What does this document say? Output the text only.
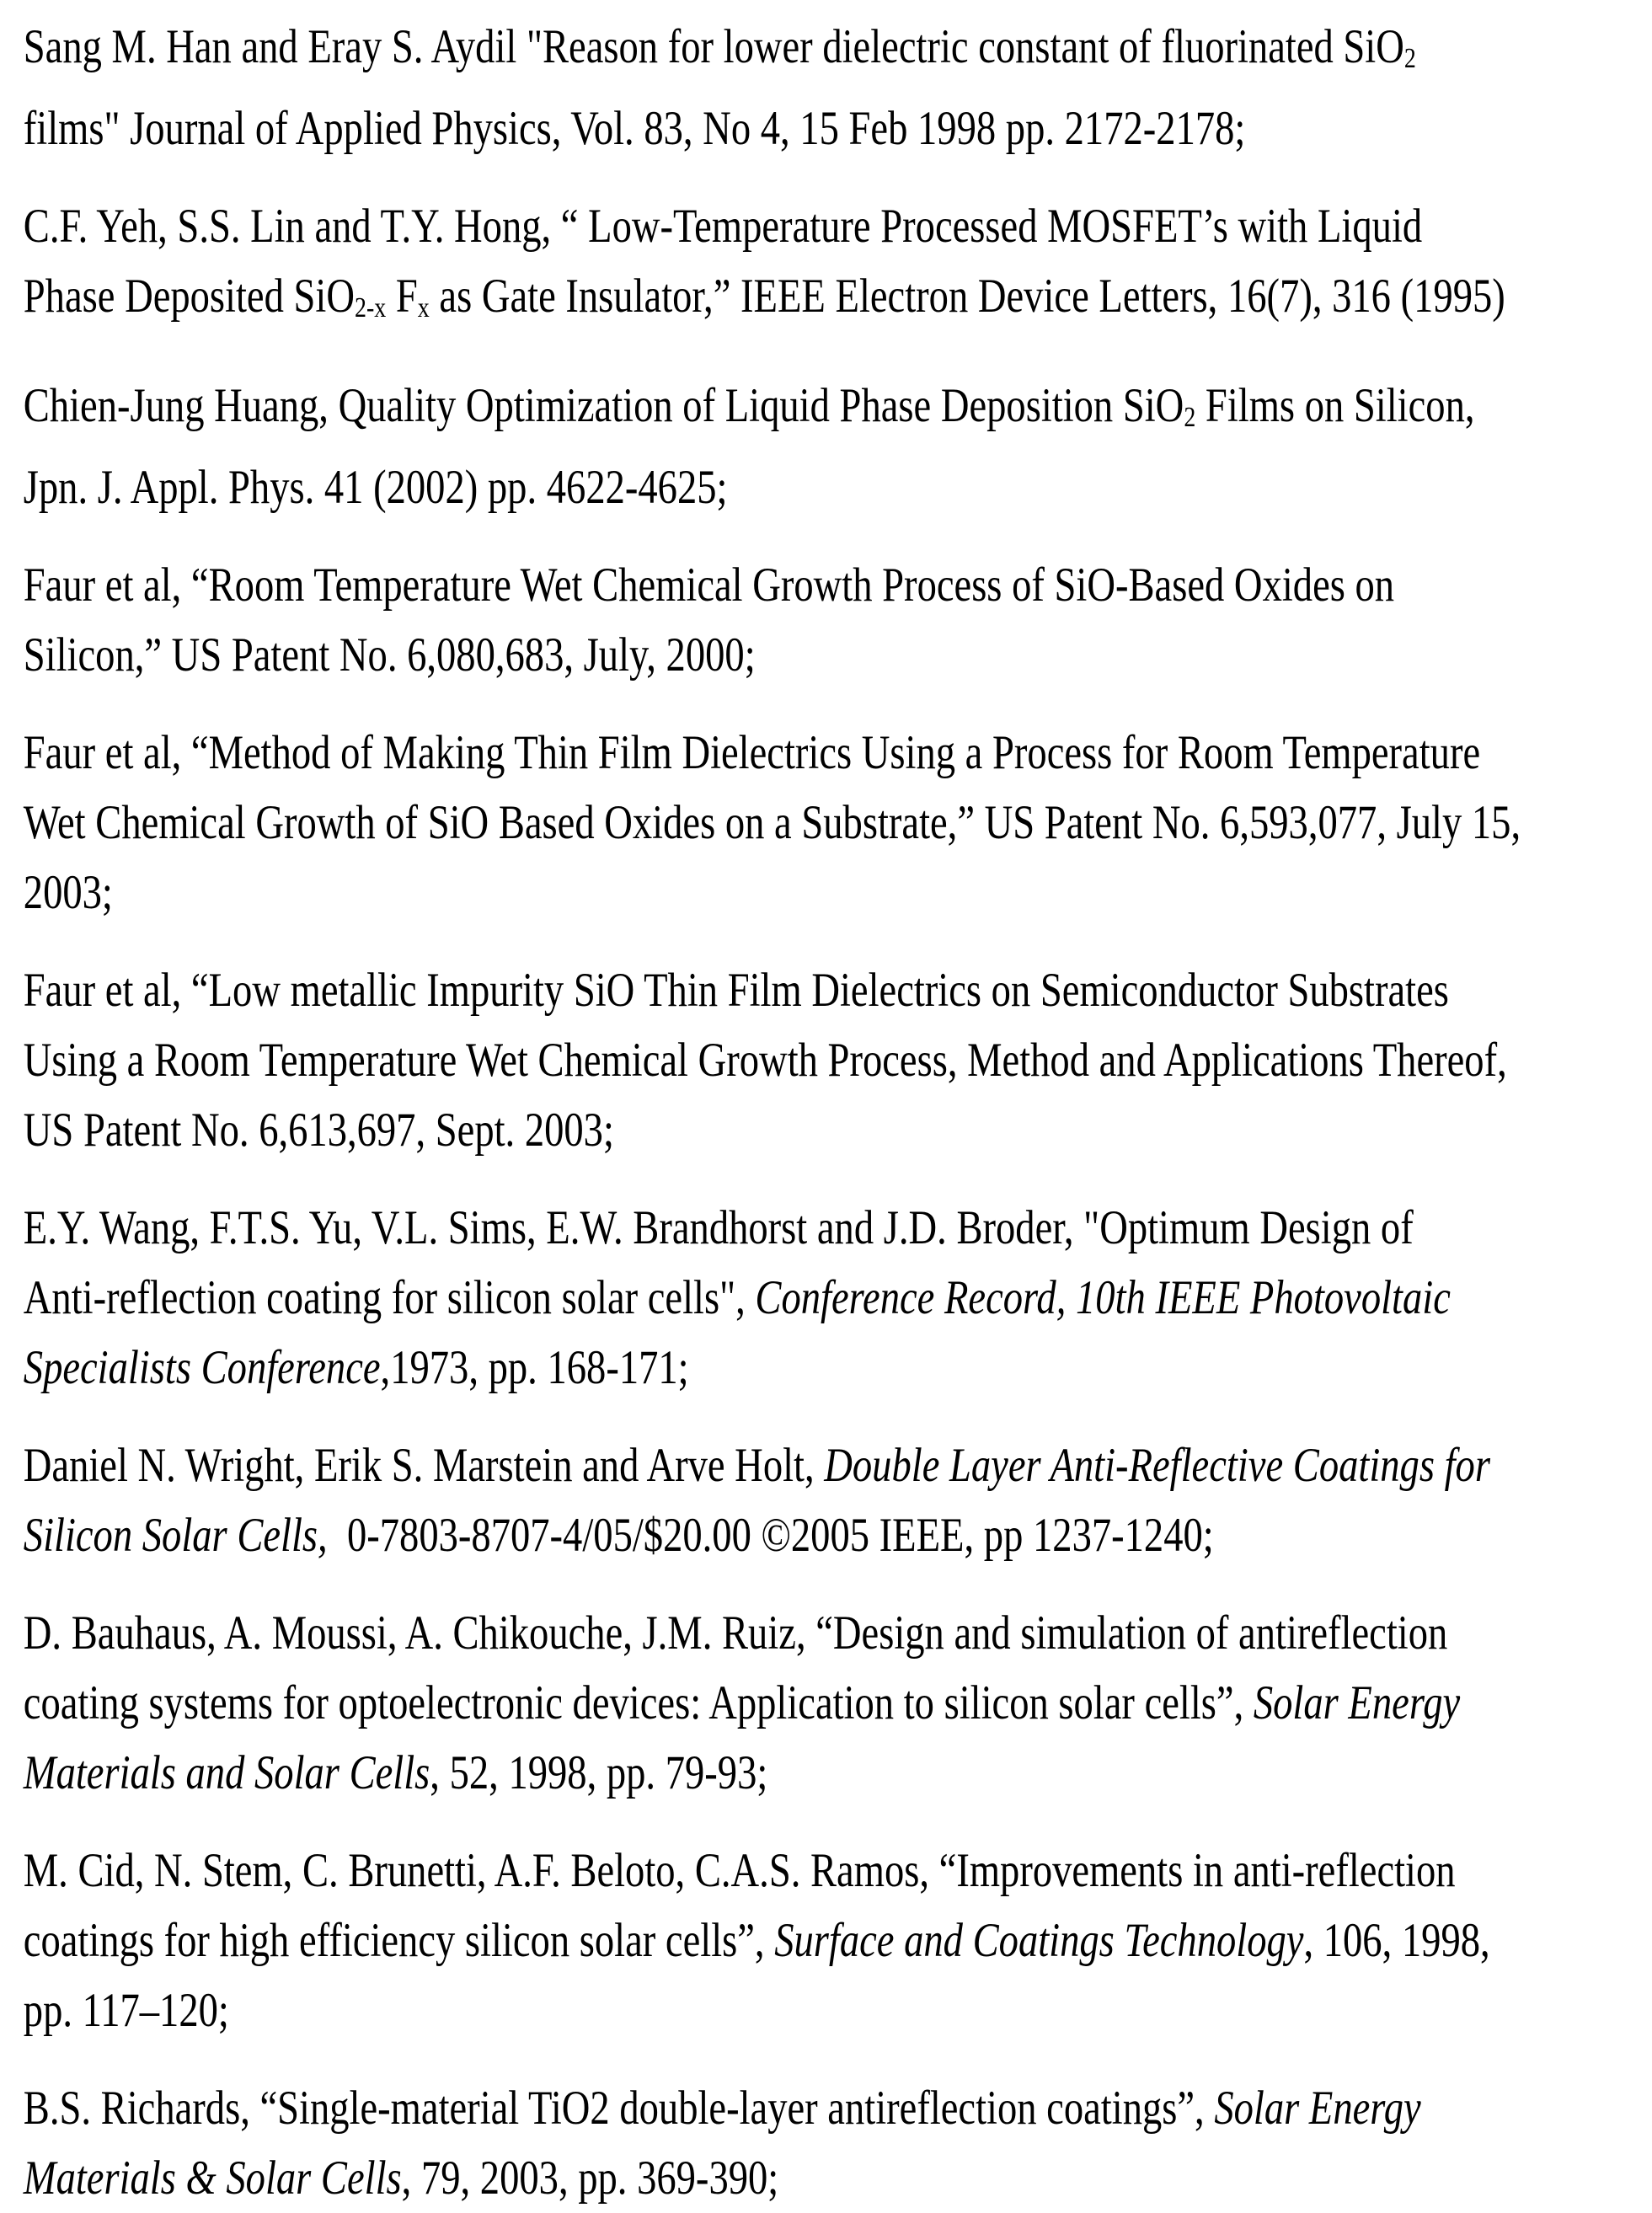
Sang M. Han and Eray S. Aydil "Reason for lower dielectric constant of fluorinated SiO2
films" Journal of Applied Physics, Vol. 83, No 4, 15 Feb 1998 pp. 2172-2178;

C.F. Yeh, S.S. Lin and T.Y. Hong, “ Low-Temperature Processed MOSFET’s with Liquid
Phase Deposited SiO2-x Fx as Gate Insulator,” IEEE Electron Device Letters, 16(7), 316 (1995)

Chien-Jung Huang, Quality Optimization of Liquid Phase Deposition SiO2 Films on Silicon,
Jpn. J. Appl. Phys. 41 (2002) pp. 4622-4625;

Faur et al, “Room Temperature Wet Chemical Growth Process of SiO-Based Oxides on
Silicon,” US Patent No. 6,080,683, July, 2000;

Faur et al, “Method of Making Thin Film Dielectrics Using a Process for Room Temperature
Wet Chemical Growth of SiO Based Oxides on a Substrate,” US Patent No. 6,593,077, July 15,
2003;

Faur et al, “Low metallic Impurity SiO Thin Film Dielectrics on Semiconductor Substrates
Using a Room Temperature Wet Chemical Growth Process, Method and Applications Thereof,
US Patent No. 6,613,697, Sept. 2003;

E.Y. Wang, F.T.S. Yu, V.L. Sims, E.W. Brandhorst and J.D. Broder, "Optimum Design of
Anti-reflection coating for silicon solar cells", Conference Record, 10th IEEE Photovoltaic
Specialists Conference,1973, pp. 168-171;

Daniel N. Wright, Erik S. Marstein and Arve Holt, Double Layer Anti-Reflective Coatings for
Silicon Solar Cells,  0-7803-8707-4/05/$20.00 ©2005 IEEE, pp 1237-1240;

D. Bauhaus, A. Moussi, A. Chikouche, J.M. Ruiz, “Design and simulation of antireflection
coating systems for optoelectronic devices: Application to silicon solar cells”, Solar Energy
Materials and Solar Cells, 52, 1998, pp. 79-93;

M. Cid, N. Stem, C. Brunetti, A.F. Beloto, C.A.S. Ramos, “Improvements in anti-reflection
coatings for high efficiency silicon solar cells”, Surface and Coatings Technology, 106, 1998,
pp. 117–120;

B.S. Richards, “Single-material TiO2 double-layer antireflection coatings”, Solar Energy
Materials & Solar Cells, 79, 2003, pp. 369-390;
